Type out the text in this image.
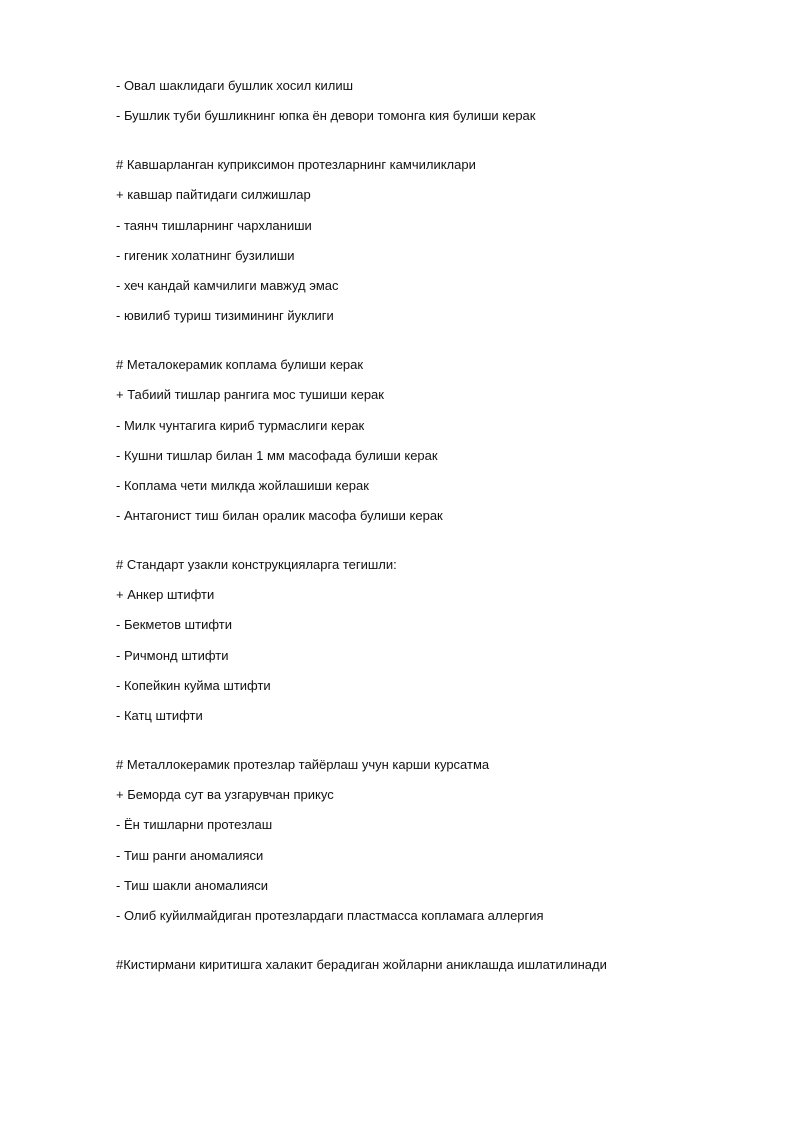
- Овал шаклидаги бушлик хосил килиш
- Бушлик туби бушликнинг юпка ён девори томонга кия булиши керак
# Кавшарланган куприксимон протезларнинг камчиликлари
+ кавшар пайтидаги силжишлар
- таянч тишларнинг чархланиши
- гигеник холатнинг бузилиши
- хеч кандай камчилиги мавжуд эмас
- ювилиб туриш тизимининг йуклиги
# Металокерамик коплама булиши керак
+ Табиий тишлар рангига мос тушиши керак
- Милк чунтагига кириб турмаслиги керак
- Кушни тишлар билан 1 мм масофада булиши керак
- Коплама чети милкда жойлашиши керак
- Антагонист тиш билан оралик масофа булиши керак
# Стандарт узакли конструкцияларга тегишли:
+ Анкер штифти
- Бекметов штифти
- Ричмонд штифти
- Копейкин куйма штифти
- Катц штифти
# Металлокерамик протезлар тайёрлаш учун карши курсатма
+ Беморда сут ва узгарувчан прикус
- Ён тишларни протезлаш
- Тиш ранги аномалияси
- Тиш шакли аномалияси
- Олиб куйилмайдиган протезлардаги пластмасса копламага аллергия
#Кистирмани киритишга халакит берадиган жойларни аниклашда ишлатилинади
